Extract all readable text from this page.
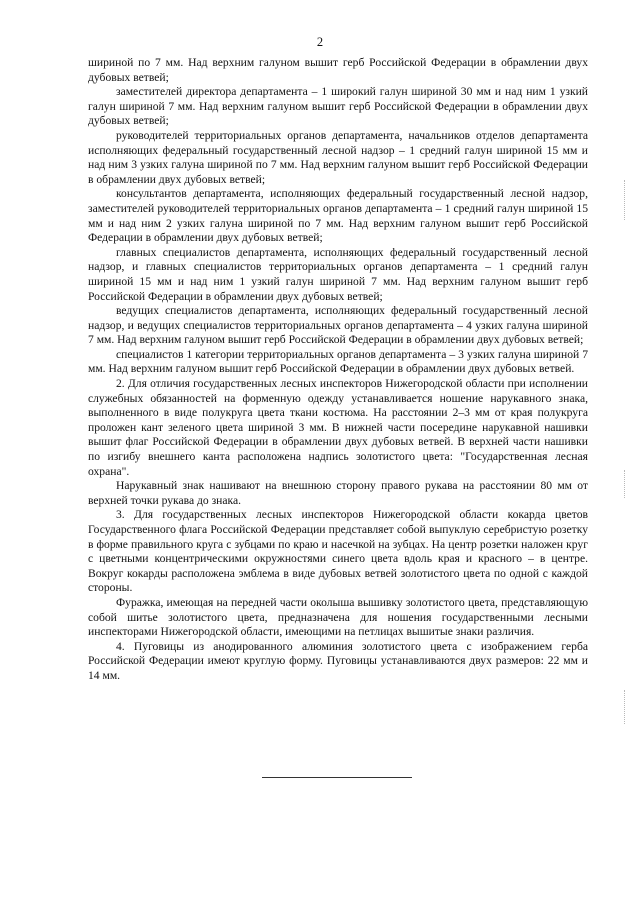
2

шириной по 7 мм. Над верхним галуном вышит герб Российской Федерации в обрамлении двух дубовых ветвей;

заместителей директора департамента – 1 широкий галун шириной 30 мм и над ним 1 узкий галун шириной 7 мм. Над верхним галуном вышит герб Российской Федерации в обрамлении двух дубовых ветвей;

руководителей территориальных органов департамента, начальников отделов департамента исполняющих федеральный государственный лесной надзор – 1 средний галун шириной 15 мм и над ним 3 узких галуна шириной по 7 мм. Над верхним галуном вышит герб Российской Федерации в обрамлении двух дубовых ветвей;

консультантов департамента, исполняющих федеральный государственный лесной надзор, заместителей руководителей территориальных органов департамента – 1 средний галун шириной 15 мм и над ним 2 узких галуна шириной по 7 мм. Над верхним галуном вышит герб Российской Федерации в обрамлении двух дубовых ветвей;

главных специалистов департамента, исполняющих федеральный государственный лесной надзор, и главных специалистов территориальных органов департамента – 1 средний галун шириной 15 мм и над ним 1 узкий галун шириной 7 мм. Над верхним галуном вышит герб Российской Федерации в обрамлении двух дубовых ветвей;

ведущих специалистов департамента, исполняющих федеральный государственный лесной надзор, и ведущих специалистов территориальных органов департамента – 4 узких галуна шириной 7 мм. Над верхним галуном вышит герб Российской Федерации в обрамлении двух дубовых ветвей;

специалистов 1 категории территориальных органов департамента – 3 узких галуна шириной 7 мм. Над верхним галуном вышит герб Российской Федерации в обрамлении двух дубовых ветвей.

2. Для отличия государственных лесных инспекторов Нижегородской области при исполнении служебных обязанностей на форменную одежду устанавливается ношение нарукавного знака, выполненного в виде полукруга цвета ткани костюма. На расстоянии 2–3 мм от края полукруга проложен кант зеленого цвета шириной 3 мм. В нижней части посередине нарукавной нашивки вышит флаг Российской Федерации в обрамлении двух дубовых ветвей. В верхней части нашивки по изгибу внешнего канта расположена надпись золотистого цвета: "Государственная лесная охрана".

Нарукавный знак нашивают на внешнюю сторону правого рукава на расстоянии 80 мм от верхней точки рукава до знака.

3. Для государственных лесных инспекторов Нижегородской области кокарда цветов Государственного флага Российской Федерации представляет собой выпуклую серебристую розетку в форме правильного круга с зубцами по краю и насечкой на зубцах. На центр розетки наложен круг с цветными концентрическими окружностями синего цвета вдоль края и красного – в центре. Вокруг кокарды расположена эмблема в виде дубовых ветвей золотистого цвета по одной с каждой стороны.

Фуражка, имеющая на передней части околыша вышивку золотистого цвета, представляющую собой шитье золотистого цвета, предназначена для ношения государственными лесными инспекторами Нижегородской области, имеющими на петлицах вышитые знаки различия.

4. Пуговицы из анодированного алюминия золотистого цвета с изображением герба Российской Федерации имеют круглую форму. Пуговицы устанавливаются двух размеров: 22 мм и 14 мм.
